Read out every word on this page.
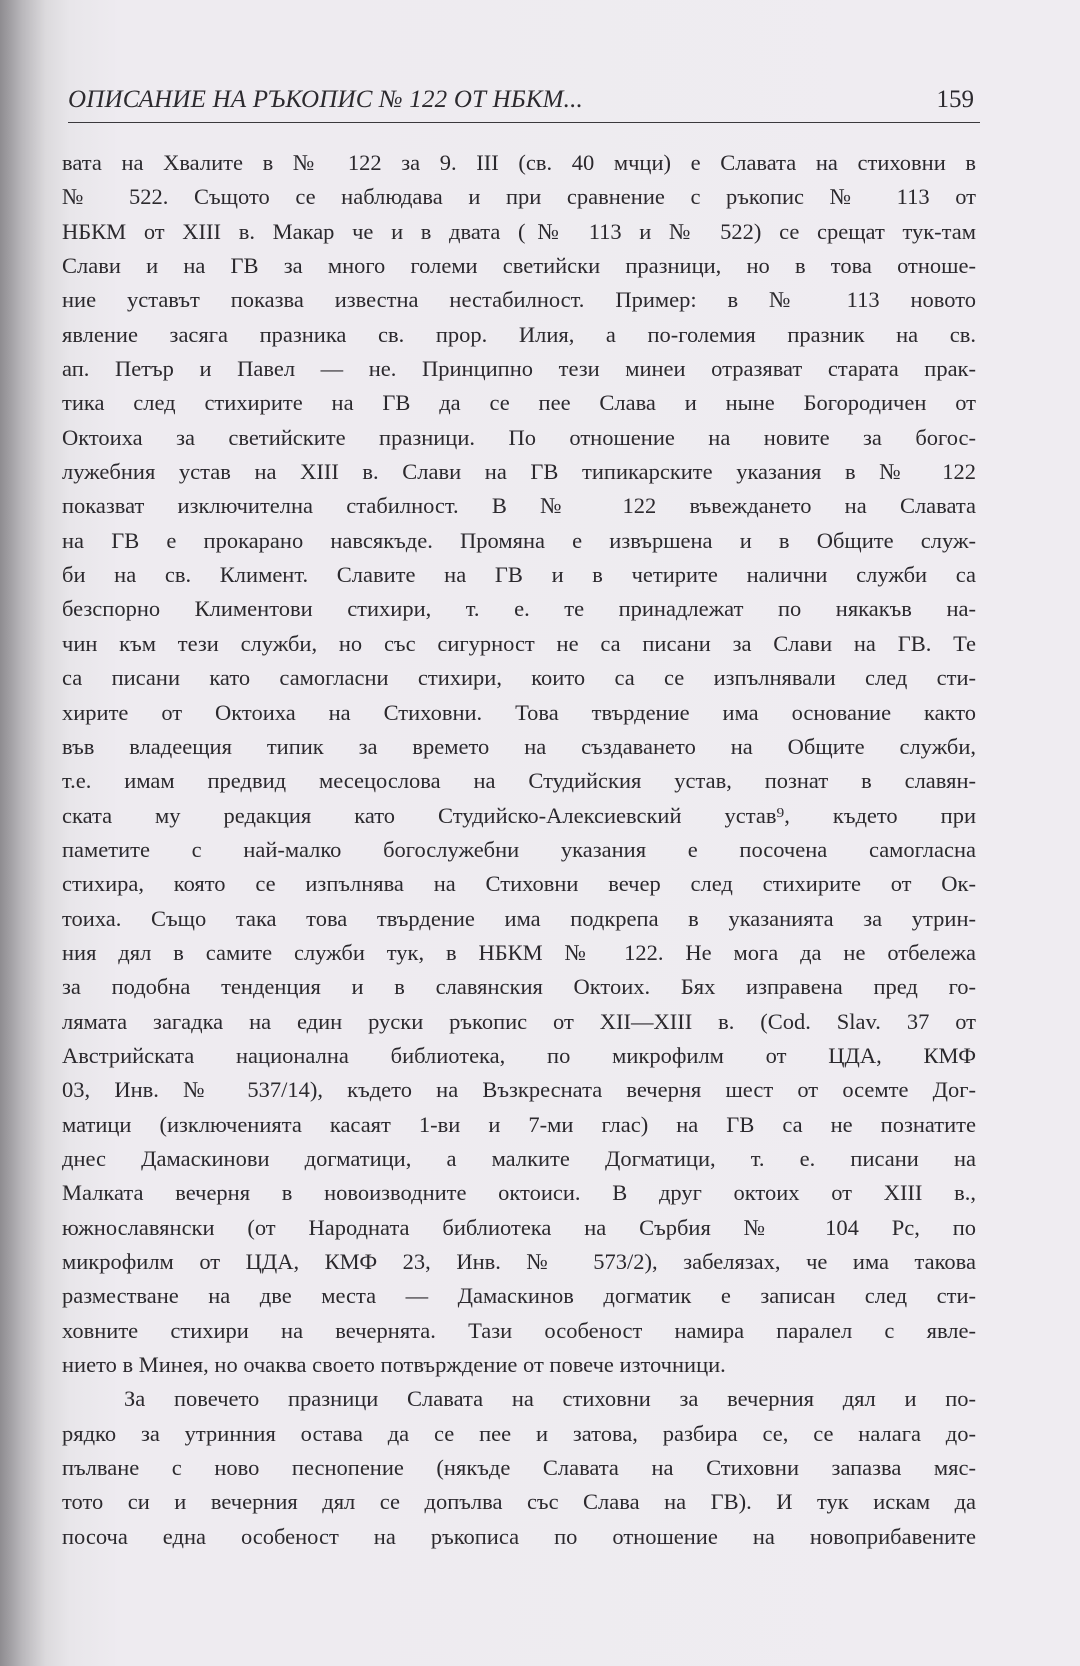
ОПИСАНИЕ НА РЪКОПИС № 122 ОТ НБКМ...	159
вата на Хвалите в № 122 за 9. III (св. 40 мчци) е Славата на стиховни в
№ 522. Същото се наблюдава и при сравнение с ръкопис № 113 от
НБКМ от XIII в. Макар че и в двата (№ 113 и № 522) се срещат тук-там
Слави и на ГВ за много големи светийски празници, но в това отноше-
ние уставът показва известна нестабилност. Пример: в № 113 новото
явление засяга празника св. прор. Илия, а по-големия празник на св.
ап. Петър и Павел — не. Принципно тези минеи отразяват старата прак-
тика след стихирите на ГВ да се пее Слава и ныне Богородичен от
Октоиха за светийските празници. По отношение на новите за богос-
лужебния устав на XIII в. Слави на ГВ типикарските указания в № 122
показват изключителна стабилност. В № 122 въвеждането на Славата
на ГВ е прокарано навсякъде. Промяна е извършена и в Общите служ-
би на св. Климент. Славите на ГВ и в четирите налични служби са
безспорно Климентови стихири, т. е. те принадлежат по някакъв на-
чин към тези служби, но със сигурност не са писани за Слави на ГВ. Те
са писани като самогласни стихири, които са се изпълнявали след сти-
хирите от Октоиха на Стиховни. Това твърдение има основание както
във владеещия типик за времето на създаването на Общите служби,
т.е. имам предвид месецослова на Студийския устав, познат в славян-
ската му редакция като Студийско-Алексиевский устав⁹, където при
паметите с най-малко богослужебни указания е посочена самогласна
стихира, която се изпълнява на Стиховни вечер след стихирите от Ок-
тоиха. Също така това твърдение има подкрепа в указанията за утрин-
ния дял в самите служби тук, в НБКМ № 122. Не мога да не отбележа
за подобна тенденция и в славянския Октоих. Бях изправена пред го-
лямата загадка на един руски ръкопис от XII—XIII в. (Cod. Slav. 37 от
Австрийската национална библиотека, по микрофилм от ЦДА, КМФ
03, Инв. № 537/14), където на Възкресната вечерня шест от осемте Дог-
матици (изключенията касаят 1-ви и 7-ми глас) на ГВ са не познатите
днес Дамаскинови догматици, а малките Догматици, т. е. писани на
Малката вечерня в новоизводните октоиси. В друг октоих от XIII в.,
южнославянски (от Народната библиотека на Сърбия № 104 Рс, по
микрофилм от ЦДА, КМФ 23, Инв. № 573/2), забелязах, че има такова
разместване на две места — Дамаскинов догматик е записан след сти-
ховните стихири на вечернята. Тази особеност намира паралел с явле-
нието в Минея, но очаква своето потвърждение от повече източници.
За повечето празници Славата на стиховни за вечерния дял и по-
рядко за утринния остава да се пее и затова, разбира се, се налага до-
пълване с ново песнопение (някъде Славата на Стиховни запазва мяс-
тото си и вечерния дял се допълва със Слава на ГВ). И тук искам да
посоча една особеност на ръкописа по отношение на новоприбавените
